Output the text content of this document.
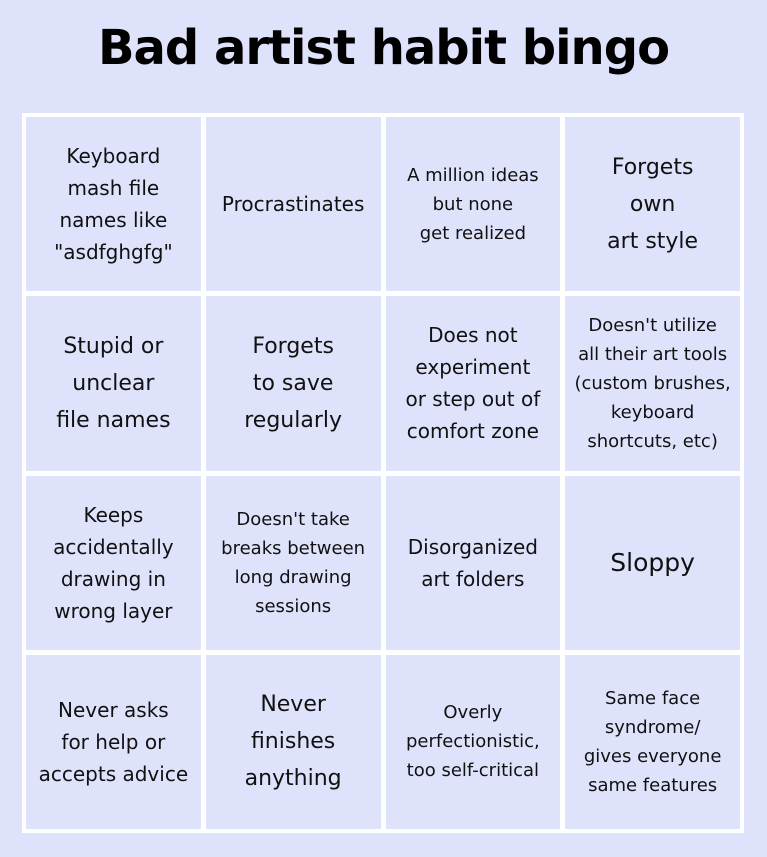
Bad artist habit bingo
Keyboard
mash file
names like
"asdfghgfg"
Procrastinates
A million ideas
but none
get realized
Forgets
own
art style
Stupid or
unclear
file names
Forgets
to save
regularly
Does not
experiment
or step out of
comfort zone
Doesn't utilize
all their art tools
(custom brushes,
keyboard
shortcuts, etc)
Keeps
accidentally
drawing in
wrong layer
Doesn't take
breaks between
long drawing
sessions
Disorganized
art folders
Sloppy
Never asks
for help or
accepts advice
Never
finishes
anything
Overly
perfectionistic,
too self-critical
Same face
syndrome/
gives everyone
same features
